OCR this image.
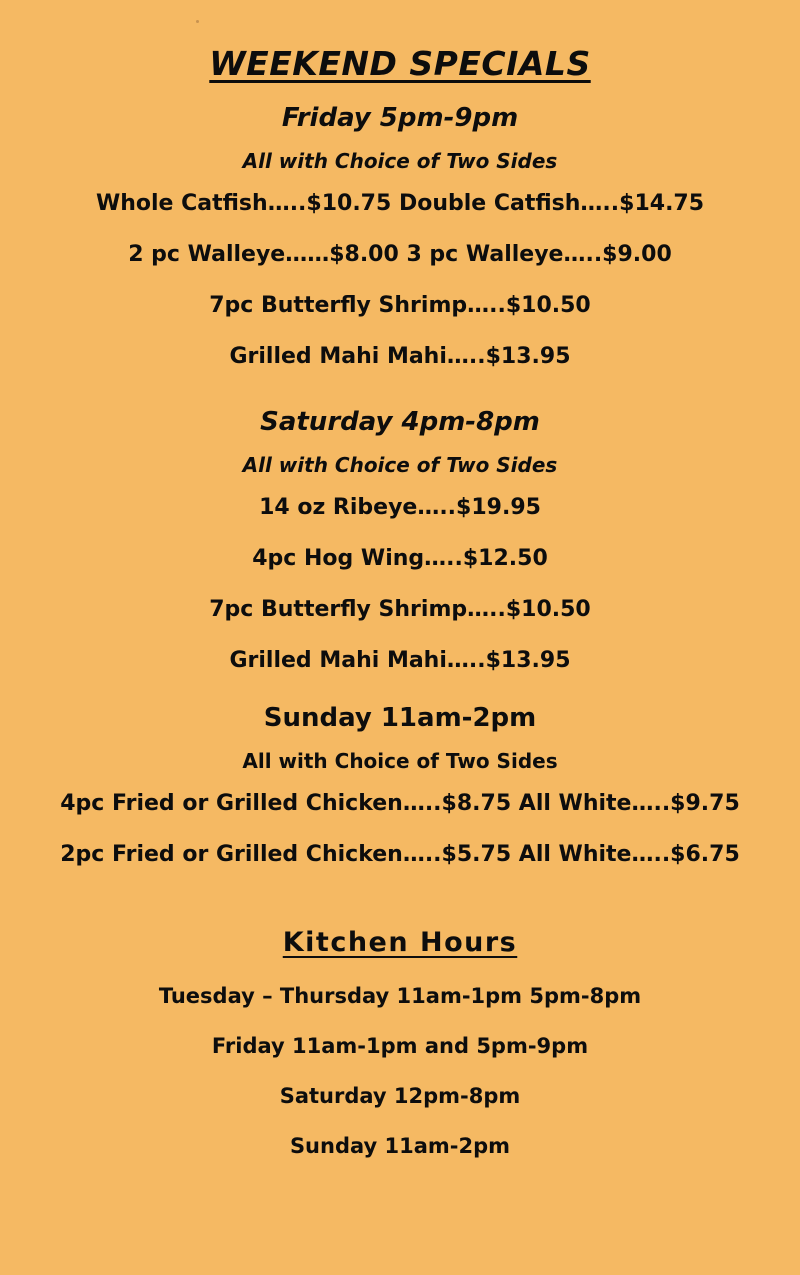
WEEKEND SPECIALS
Friday 5pm-9pm
All with Choice of Two Sides
Whole Catfish…..$10.75 Double Catfish…..$14.75
2 pc Walleye……$8.00 3 pc Walleye…..$9.00
7pc Butterfly Shrimp…..$10.50
Grilled Mahi Mahi…..$13.95
Saturday 4pm-8pm
All with Choice of Two Sides
14 oz Ribeye…..$19.95
4pc Hog Wing…..$12.50
7pc Butterfly Shrimp…..$10.50
Grilled Mahi Mahi…..$13.95
Sunday 11am-2pm
All with Choice of Two Sides
4pc Fried or Grilled Chicken…..$8.75 All White…..$9.75
2pc Fried or Grilled Chicken…..$5.75 All White…..$6.75
Kitchen Hours
Tuesday – Thursday 11am-1pm 5pm-8pm
Friday 11am-1pm and 5pm-9pm
Saturday 12pm-8pm
Sunday 11am-2pm
